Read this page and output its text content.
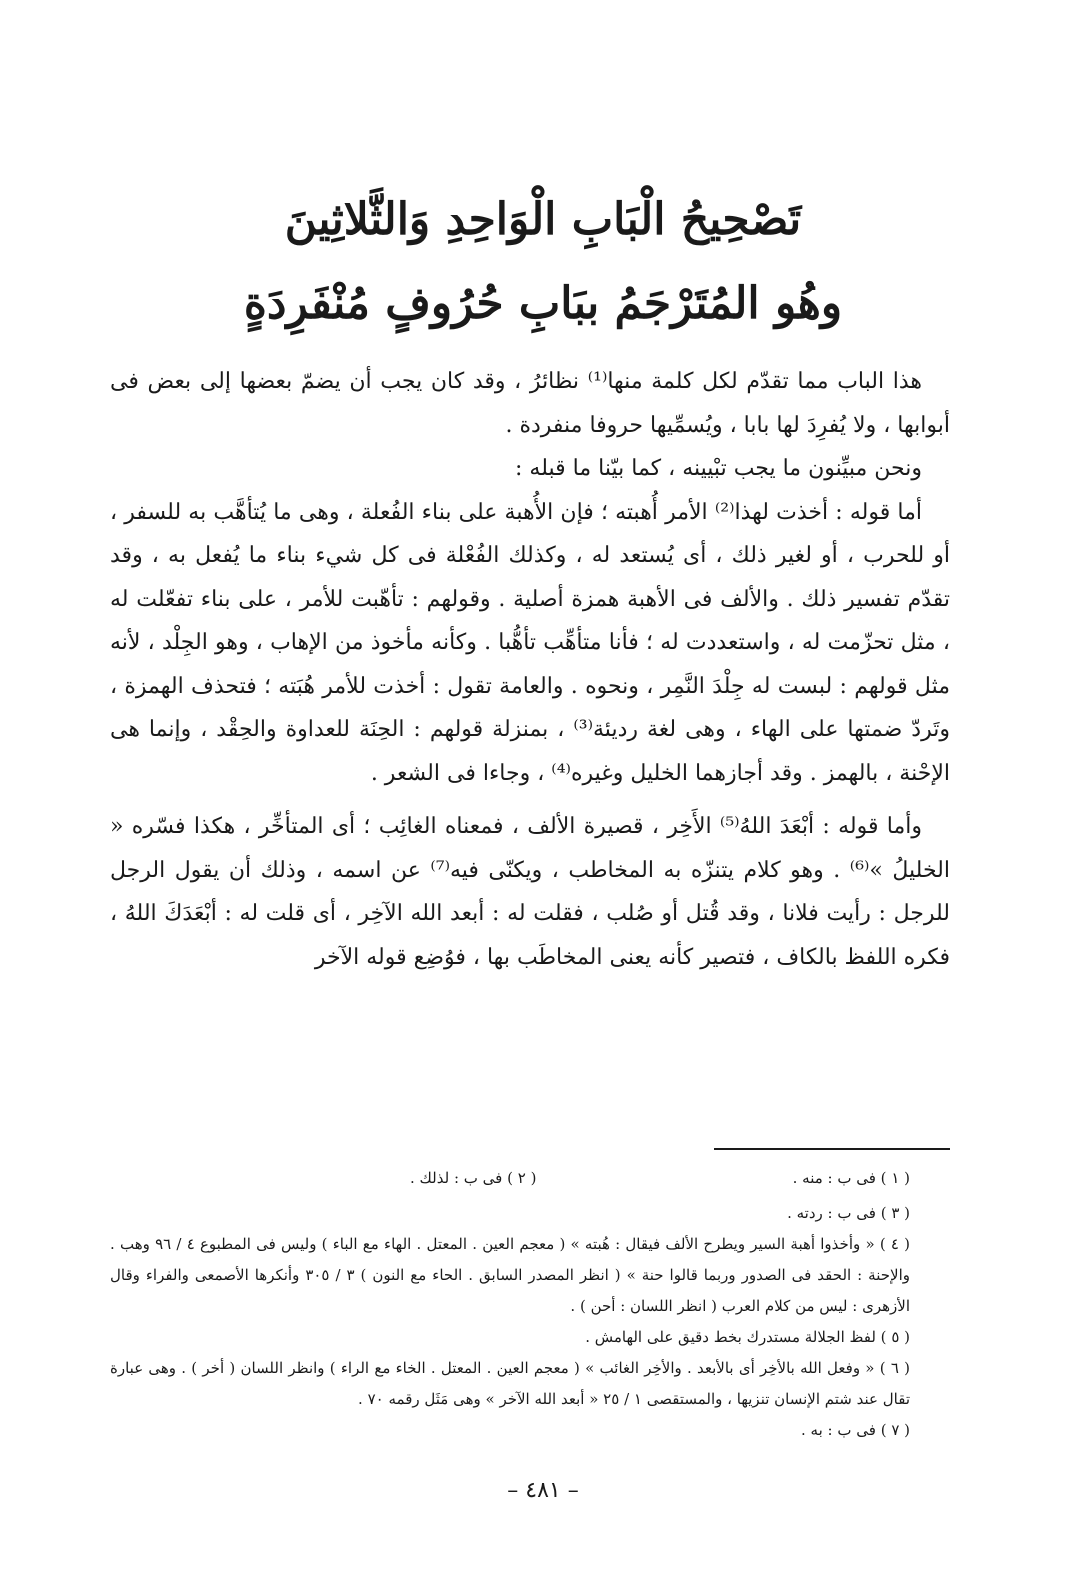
تَصْحِيحُ الْبَابِ الْوَاحِدِ وَالثَّلاثِينَ
وهُو المُتَرْجَمُ ببَابِ حُرُوفٍ مُنْفَرِدَةٍ

هذا الباب مما تقدّم لكل كلمة منها⁽¹⁾ نظائرُ ، وقد كان يجب أن يضمّ بعضها إلى بعض فى أبوابها ، ولا يُفرِدَ لها بابا ، ويُسمِّيها حروفا منفردة .

ونحن مبيِّنون ما يجب تبْيينه ، كما بيّنا ما قبله :

أما قوله : أخذت لهذا⁽²⁾ الأمر أُهبته ؛ فإن الأُهبة على بناء الفُعلة ، وهى ما يُتأهَّب به للسفر ، أو للحرب ، أو لغير ذلك ، أى يُستعد له ، وكذلك الفُعْلة فى كل شيء بناء ما يُفعل به ، وقد تقدّم تفسير ذلك . والألف فى الأهبة همزة أصلية . وقولهم : تأهّبت للأمر ، على بناء تفعّلت له ، مثل تحزّمت له ، واستعددت له ؛ فأنا متأهِّب تأهُّبا . وكأنه مأخوذ من الإهاب ، وهو الجِلْد ، لأنه مثل قولهم : لبست له جِلْدَ النَّمِر ، ونحوه . والعامة تقول : أخذت للأمر هُبَته ؛ فتحذف الهمزة ، وتَردّ ضمتها على الهاء ، وهى لغة رديئة⁽³⁾ ، بمنزلة قولهم : الحِنَة للعداوة والحِقْد ، وإنما هى الإحْنة ، بالهمز . وقد أجازهما الخليل وغيره⁽⁴⁾ ، وجاءا فى الشعر .

وأما قوله : أبْعَدَ اللهُ⁽⁵⁾ الأَخِر ، قصيرة الألف ، فمعناه الغائِب ؛ أى المتأخِّر ، هكذا فسّره « الخليلُ »⁽⁶⁾ . وهو كلام يتنزّه به المخاطب ، ويكنّى فيه⁽⁷⁾ عن اسمه ، وذلك أن يقول الرجل للرجل : رأيت فلانا ، وقد قُتل أو صُلب ، فقلت له : أبعد الله الآخِر ، أى قلت له : أبْعَدَكَ اللهُ ، فكره اللفظ بالكاف ، فتصير كأنه يعنى المخاطَب بها ، فوُضِع قوله الآخر

( ١ ) فى ب : منه .
( ٢ ) فى ب : لذلك .

( ٣ ) فى ب : ردته .

( ٤ ) « وأخذوا أهبة السير ويطرح الألف فيقال : هُبته » ( معجم العين . المعتل . الهاء مع الباء ) وليس فى المطبوع ٤ / ٩٦ وهب . والإحنة : الحقد فى الصدور وربما قالوا حنة » ( انظر المصدر السابق . الحاء مع النون ) ٣ / ٣٠٥ وأنكرها الأصمعى والفراء وقال الأزهرى : ليس من كلام العرب ( انظر اللسان : أحن ) .

( ٥ ) لفظ الجلالة مستدرك بخط دقيق على الهامش .

( ٦ ) « وفعل الله بالأخِر أى بالأبعد . والأخِر الغائب » ( معجم العين . المعتل . الخاء مع الراء ) وانظر اللسان ( أخر ) . وهى عبارة تقال عند شتم الإنسان تنزيها ، والمستقصى ١ / ٢٥ « أبعد الله الآخر » وهى مَثَل رقمه ٧٠ .

( ٧ ) فى ب : به .

– ٤٨١ –
